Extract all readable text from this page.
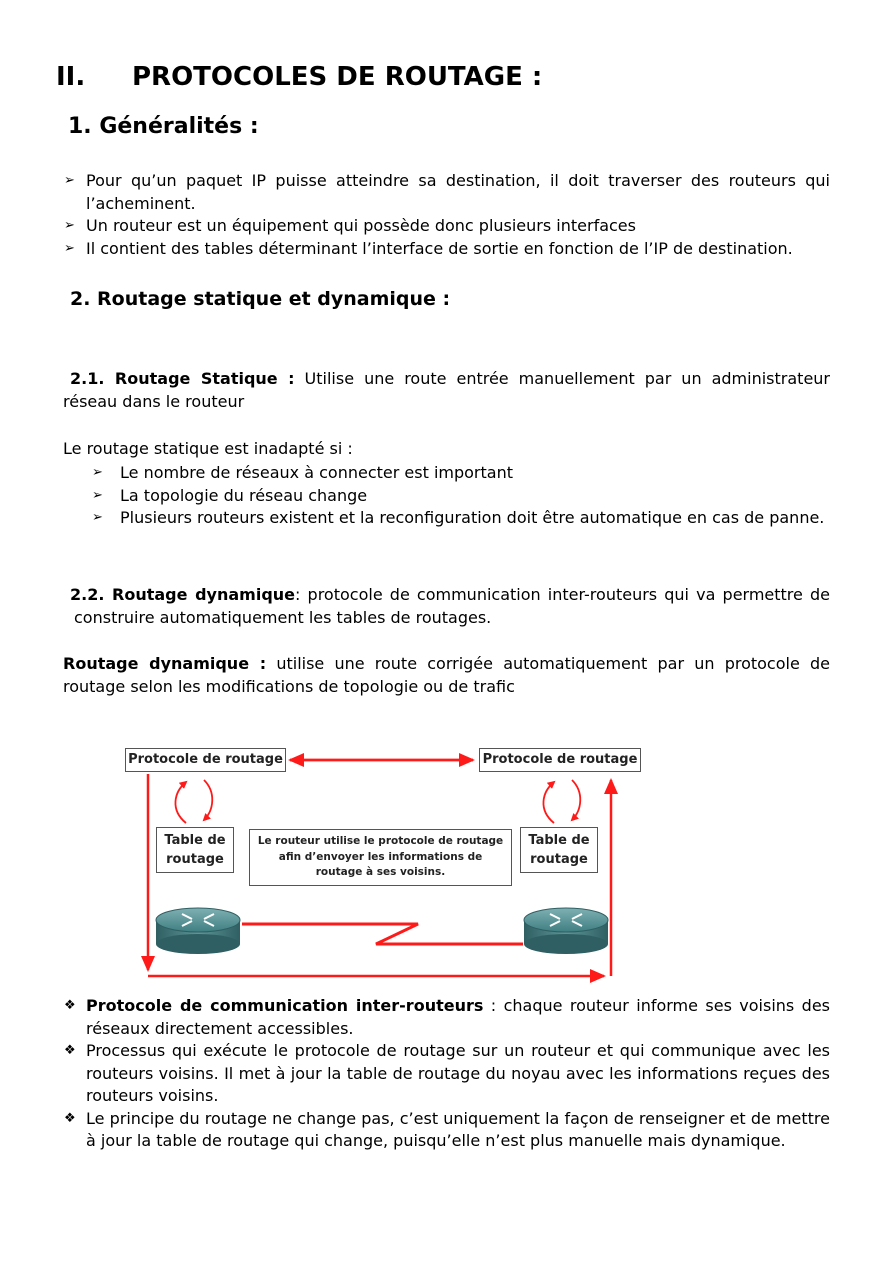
II. PROTOCOLES DE ROUTAGE :
1. Généralités :
➢ Pour qu’un paquet IP puisse atteindre sa destination, il doit traverser des routeurs qui l’acheminent.
➢ Un routeur est un équipement qui possède donc plusieurs interfaces
➢ Il contient des tables déterminant l’interface de sortie en fonction de l’IP de destination.
2. Routage statique et dynamique :

2.1. Routage Statique : Utilise une route entrée manuellement par un administrateur réseau dans le routeur

Le routage statique est inadapté si :

➢ Le nombre de réseaux à connecter est important
➢ La topologie du réseau change
➢ Plusieurs routeurs existent et la reconfiguration doit être automatique en cas de panne.

2.2. Routage dynamique: protocole de communication inter-routeurs qui va permettre de construire automatiquement les tables de routages.

Routage dynamique : utilise une route corrigée automatiquement par un protocole de routage selon les modifications de topologie ou de trafic

Protocole de routage	Protocole de routage
Table de routage
Table de routage
Le routeur utilise le protocole de routage afin d’envoyer les informations de routage à ses voisins.
❖ Protocole de communication inter-routeurs : chaque routeur informe ses voisins des réseaux directement accessibles.
❖ Processus qui exécute le protocole de routage sur un routeur et qui communique avec les routeurs voisins. Il met à jour la table de routage du noyau avec les informations reçues des routeurs voisins.
❖ Le principe du routage ne change pas, c’est uniquement la façon de renseigner et de mettre à jour la table de routage qui change, puisqu’elle n’est plus manuelle mais dynamique.
